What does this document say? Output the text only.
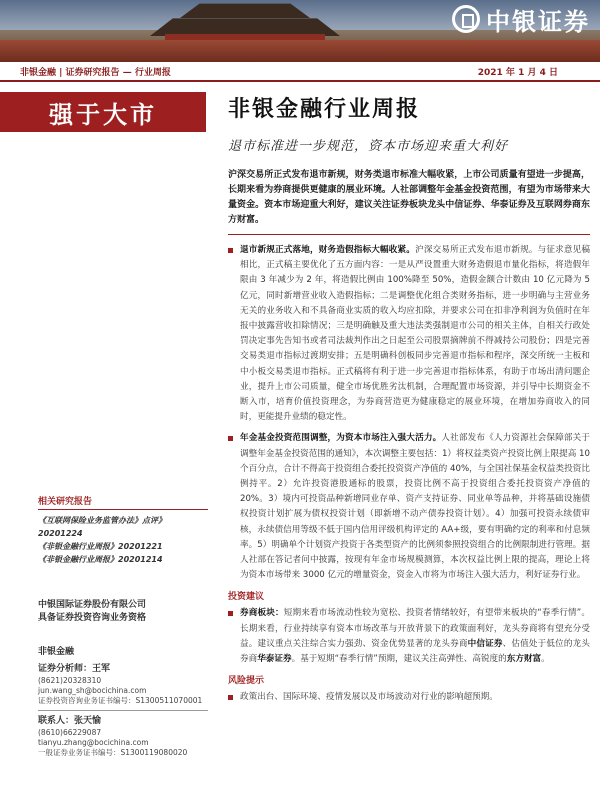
中银证券
非银金融 | 证券研究报告 — 行业周报	2021 年 1 月 4 日
强于大市
相关研究报告
《互联网保险业务监管办法》点评》20201224
《非银金融行业周报》20201221
《非银金融行业周报》20201214
中银国际证券股份有限公司
具备证券投资咨询业务资格
非银金融
证券分析师：王军
(8621)20328310
jun.wang_sh@bocichina.com
证券投资咨询业务证书编号：S1300511070001
联系人：张天愉
(8610)66229087
tianyu.zhang@bocichina.com
一般证券业务证书编号：S1300119080020
非银金融行业周报
退市标准进一步规范，资本市场迎来重大利好
沪深交易所正式发布退市新规，财务类退市标准大幅收紧，上市公司质量有望进一步提高，长期来看为券商提供更健康的展业环境。人社部调整年金基金投资范围，有望为市场带来大量资金。资本市场迎重大利好，建议关注证券板块龙头中信证券、华泰证券及互联网券商东方财富。
退市新规正式落地，财务造假指标大幅收紧。沪深交易所正式发布退市新规。与征求意见稿相比，正式稿主要优化了五方面内容：一是从严设置重大财务造假退市量化指标，将造假年限由 3 年减少为 2 年，将造假比例由 100%降至 50%，造假金额合计数由 10 亿元降为 5 亿元，同时新增营业收入造假指标；二是调整优化组合类财务指标，进一步明确与主营业务无关的业务收入和不具备商业实质的收入均应扣除，并要求公司在扣非净利润为负值时在年报中披露营收扣除情况；三是明确触及重大违法类强制退市公司的相关主体，自相关行政处罚决定事先告知书或者司法裁判作出之日起至公司股票摘牌前不得减持公司股份；四是完善交易类退市指标过渡期安排；五是明确科创板同步完善退市指标和程序，深交所统一主板和中小板交易类退市指标。正式稿将有利于进一步完善退市指标体系，有助于市场出清问题企业，提升上市公司质量，健全市场优胜劣汰机制，合理配置市场资源，并引导中长期资金不断入市，培育价值投资理念，为券商营造更为健康稳定的展业环境，在增加券商收入的同时，更能提升业绩的稳定性。
年金基金投资范围调整，为资本市场注入强大活力。人社部发布《人力资源社会保障部关于调整年金基金投资范围的通知》，本次调整主要包括：1）将权益类资产投资比例上限提高 10 个百分点，合计不得高于投资组合委托投资资产净值的 40%，与全国社保基金权益类投资比例持平。2）允许投资港股通标的股票，投资比例不高于投资组合委托投资资产净值的 20%。3）境内可投资品种新增同业存单、资产支持证券、同业单等品种，并将基础设施债权投资计划扩展为债权投资计划（即新增不动产债券投资计划）。4）加强可投资永续债审核，永续债信用等级不低于国内信用评级机构评定的 AA+级，要有明确约定的利率和付息频率。5）明确单个计划资产投资于各类型资产的比例须参照投资组合的比例限制进行管理。据人社部在答记者问中披露，按现有年金市场规模测算，本次权益比例上限的提高，理论上将为资本市场带来 3000 亿元的增量资金，资金入市将为市场注入强大活力，利好证券行业。
投资建议
券商板块：短期来看市场流动性较为宽松、投资者情绪较好，有望带来板块的“春季行情”。长期来看，行业持续享有资本市场改革与开放背景下的政策面利好，龙头券商将有望充分受益。建议重点关注综合实力强劲、资金优势显著的龙头券商中信证券、估值处于低位的龙头券商华泰证券。基于短期“春季行情”预期，建议关注高弹性、高锐度的东方财富。
风险提示
政策出台、国际环境、疫情发展以及市场波动对行业的影响超预期。
